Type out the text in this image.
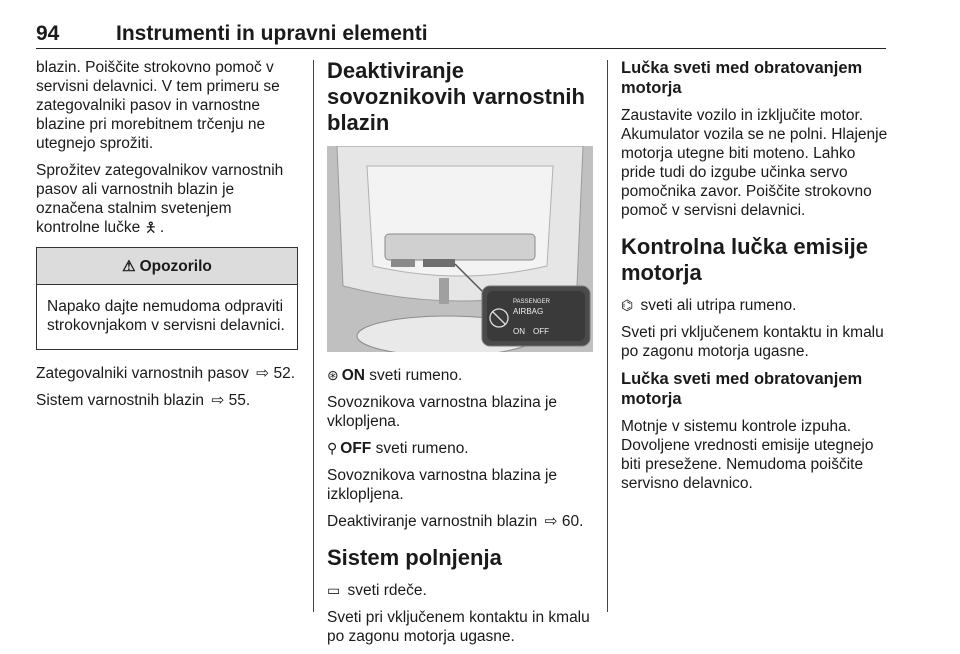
94	Instrumenti in upravni elementi

blazin. Poiščite strokovno pomoč v servisni delavnici. V tem primeru se zategovalniki pasov in varnostne blazine pri morebitnem trčenju ne utegnejo sprožiti.

Sprožitev zategovalnikov varnostnih pasov ali varnostnih blazin je označena stalnim svetenjem kontrolne lučke 🯅 .

⚠ Opozorilo
Napako dajte nemudoma odpraviti strokovnjakom v servisni delavnici.

Zategovalniki varnostnih pasov ⇨ 52.

Sistem varnostnih blazin ⇨ 55.

Deaktiviranje sovoznikovih varnostnih blazin
PASSENGER
AIRBAG
ON OFF

⊛ ON sveti rumeno.

Sovoznikova varnostna blazina je vklopljena.

⚲ OFF sveti rumeno.

Sovoznikova varnostna blazina je izklopljena.

Deaktiviranje varnostnih blazin ⇨ 60.

Sistem polnjenja

▭ sveti rdeče.

Sveti pri vključenem kontaktu in kmalu po zagonu motorja ugasne.

Lučka sveti med obratovanjem motorja

Zaustavite vozilo in izključite motor. Akumulator vozila se ne polni. Hlajenje motorja utegne biti moteno. Lahko pride tudi do izgube učinka servo pomočnika zavor. Poiščite strokovno pomoč v servisni delavnici.

Kontrolna lučka emisije motorja

⌬ sveti ali utripa rumeno.

Sveti pri vključenem kontaktu in kmalu po zagonu motorja ugasne.

Lučka sveti med obratovanjem motorja

Motnje v sistemu kontrole izpuha. Dovoljene vrednosti emisije utegnejo biti presežene. Nemudoma poiščite servisno delavnico.
